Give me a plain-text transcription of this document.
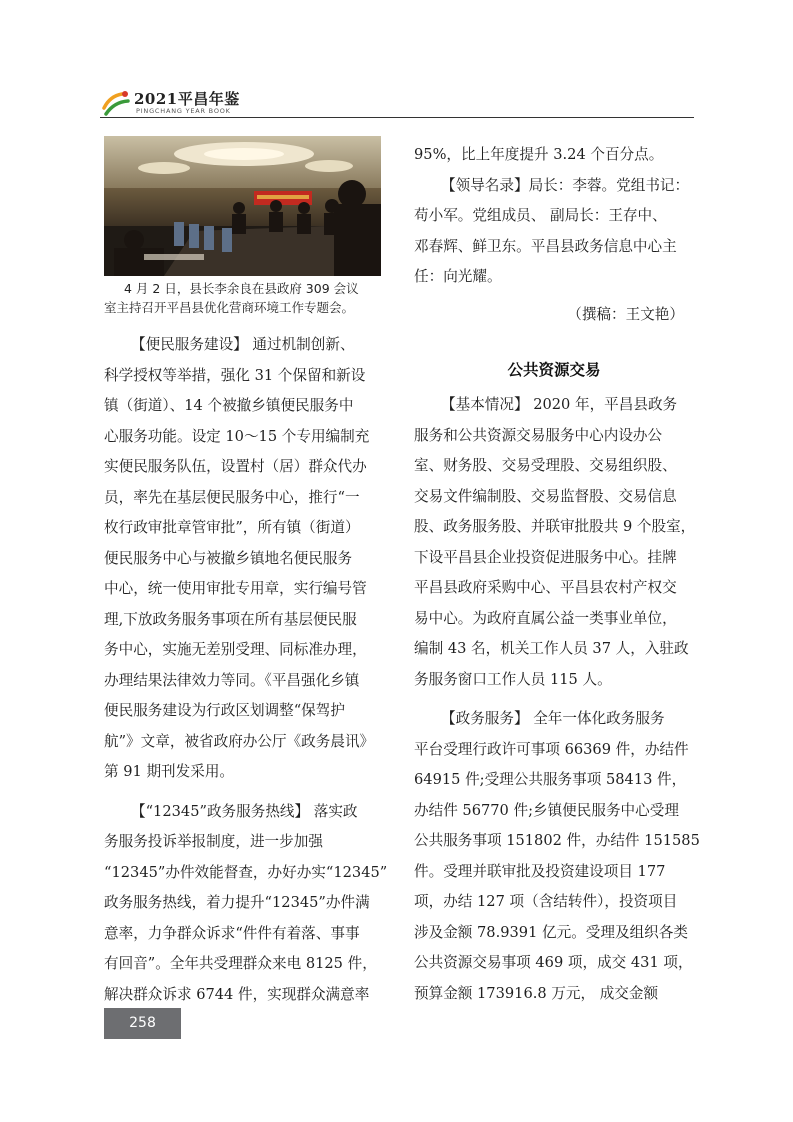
2021平昌年鉴
PINGCHANG YEAR BOOK

4 月 2 日，县长李余良在县政府 309 会议

室主持召开平昌县优化营商环境工作专题会。

【便民服务建设】 通过机制创新、

科学授权等举措，强化 31 个保留和新设

镇（街道）、14 个被撤乡镇便民服务中

心服务功能。设定 10～15 个专用编制充

实便民服务队伍，设置村（居）群众代办

员，率先在基层便民服务中心，推行“一

枚行政审批章管审批”，所有镇（街道）

便民服务中心与被撤乡镇地名便民服务

中心，统一使用审批专用章，实行编号管

理,下放政务服务事项在所有基层便民服

务中心，实施无差别受理、同标准办理，

办理结果法律效力等同。《平昌强化乡镇

便民服务建设为行政区划调整“保驾护

航”》文章，被省政府办公厅《政务晨讯》

第 91 期刊发采用。

【“12345”政务服务热线】 落实政

务服务投诉举报制度，进一步加强

“12345”办件效能督查，办好办实“12345”

政务服务热线，着力提升“12345”办件满

意率，力争群众诉求“件件有着落、事事

有回音”。全年共受理群众来电 8125 件，

解决群众诉求 6744 件，实现群众满意率

95%，比上年度提升 3.24 个百分点。

【领导名录】局长：李蓉。党组书记：

苟小军。党组成员、 副局长：王存中、

邓春辉、鲜卫东。平昌县政务信息中心主

任：向光耀。

（撰稿：王文艳）

公共资源交易

【基本情况】 2020 年，平昌县政务

服务和公共资源交易服务中心内设办公

室、财务股、交易受理股、交易组织股、

交易文件编制股、交易监督股、交易信息

股、政务服务股、并联审批股共 9 个股室，

下设平昌县企业投资促进服务中心。挂牌

平昌县政府采购中心、平昌县农村产权交

易中心。为政府直属公益一类事业单位，

编制 43 名，机关工作人员 37 人，入驻政

务服务窗口工作人员 115 人。

【政务服务】 全年一体化政务服务

平台受理行政许可事项 66369 件，办结件

64915 件;受理公共服务事项 58413 件，

办结件 56770 件;乡镇便民服务中心受理

公共服务事项 151802 件，办结件 151585

件。受理并联审批及投资建设项目 177

项，办结 127 项（含结转件），投资项目

涉及金额 78.9391 亿元。受理及组织各类

公共资源交易事项 469 项，成交 431 项，

预算金额 173916.8 万元， 成交金额

258
